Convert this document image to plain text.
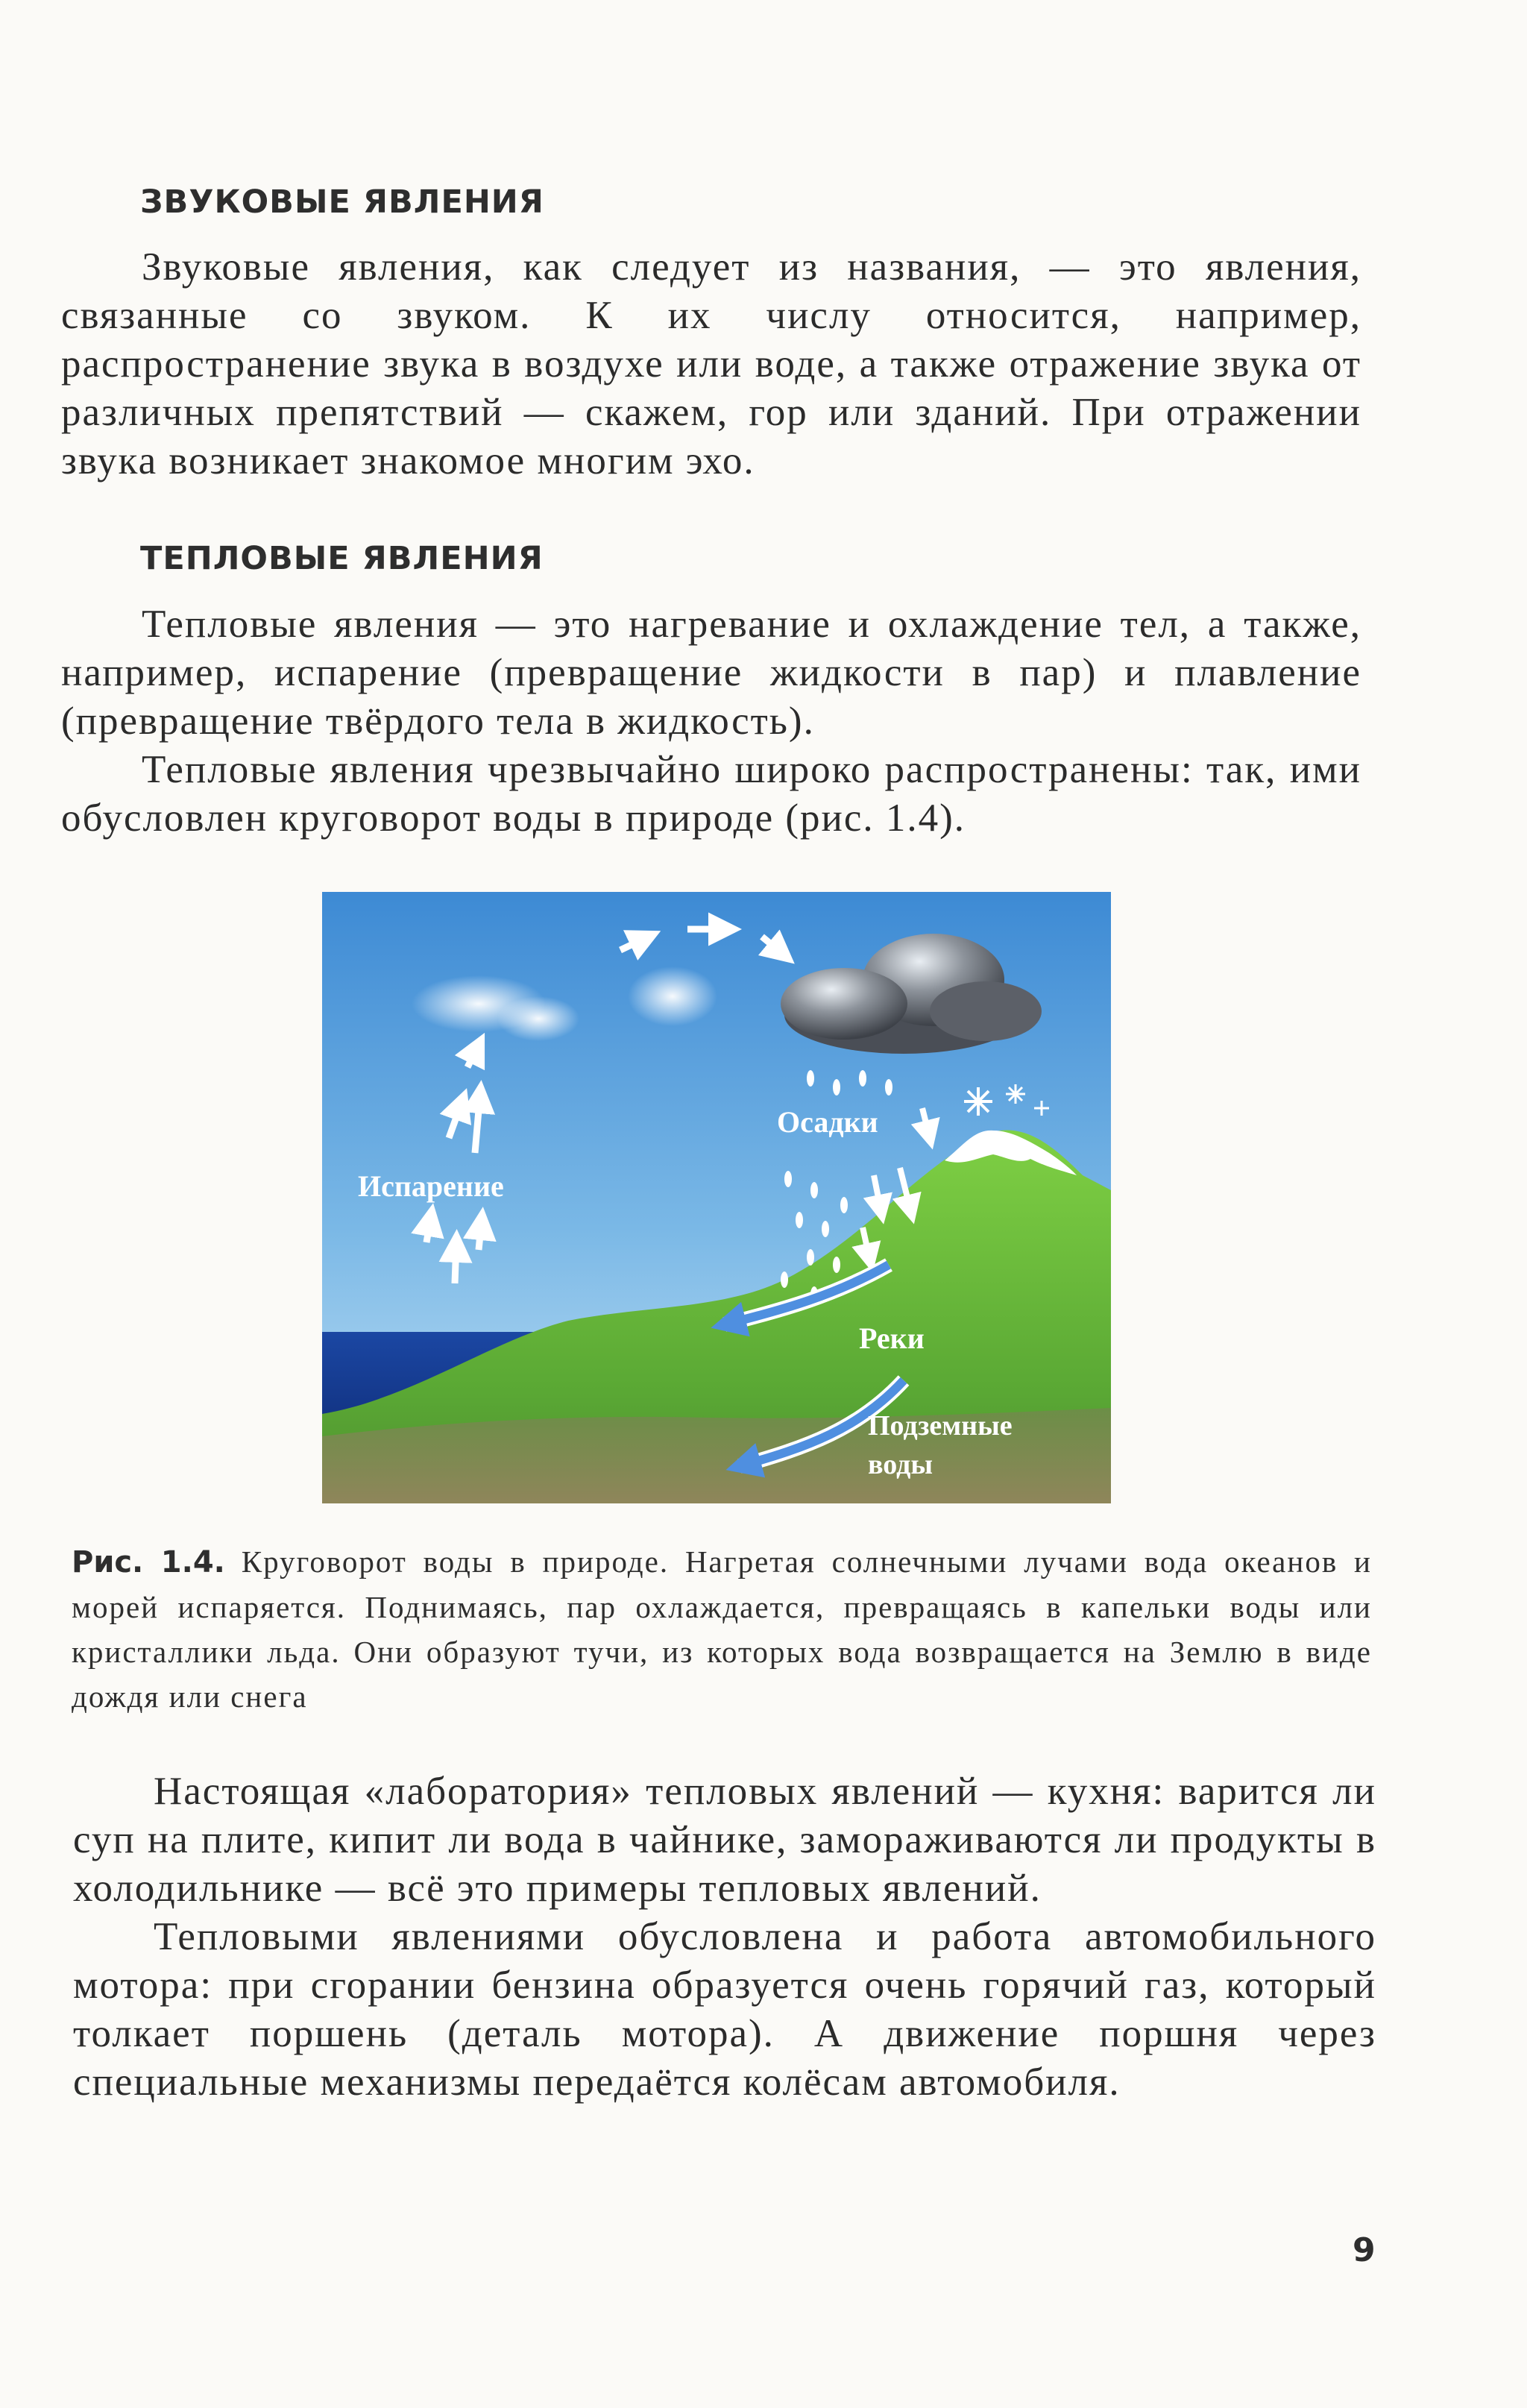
ЗВУКОВЫЕ ЯВЛЕНИЯ

Звуковые явления, как следует из названия, — это явления, связанные со звуком. К их числу относится, например, распространение звука в воздухе или воде, а также отражение звука от различных препятствий — скажем, гор или зданий. При отражении звука возникает знакомое многим эхо.

ТЕПЛОВЫЕ ЯВЛЕНИЯ

Тепловые явления — это нагревание и охлаждение тел, а также, например, испарение (превращение жидкости в пар) и плавление (превращение твёрдого тела в жидкость).

Тепловые явления чрезвычайно широко распространены: так, ими обусловлен круговорот воды в природе (рис. 1.4).

Испарение
Осадки
Реки
Подземные
воды

Рис. 1.4. Круговорот воды в природе. Нагретая солнечными лучами вода океанов и морей испаряется. Поднимаясь, пар охлаждается, превращаясь в капельки воды или кристаллики льда. Они образуют тучи, из которых вода возвращается на Землю в виде дождя или снега

Настоящая «лаборатория» тепловых явлений — кухня: варится ли суп на плите, кипит ли вода в чайнике, замораживаются ли продукты в холодильнике — всё это примеры тепловых явлений.

Тепловыми явлениями обусловлена и работа автомобильного мотора: при сгорании бензина образуется очень горячий газ, который толкает поршень (деталь мотора). А движение поршня через специальные механизмы передаётся колёсам автомобиля.

9
